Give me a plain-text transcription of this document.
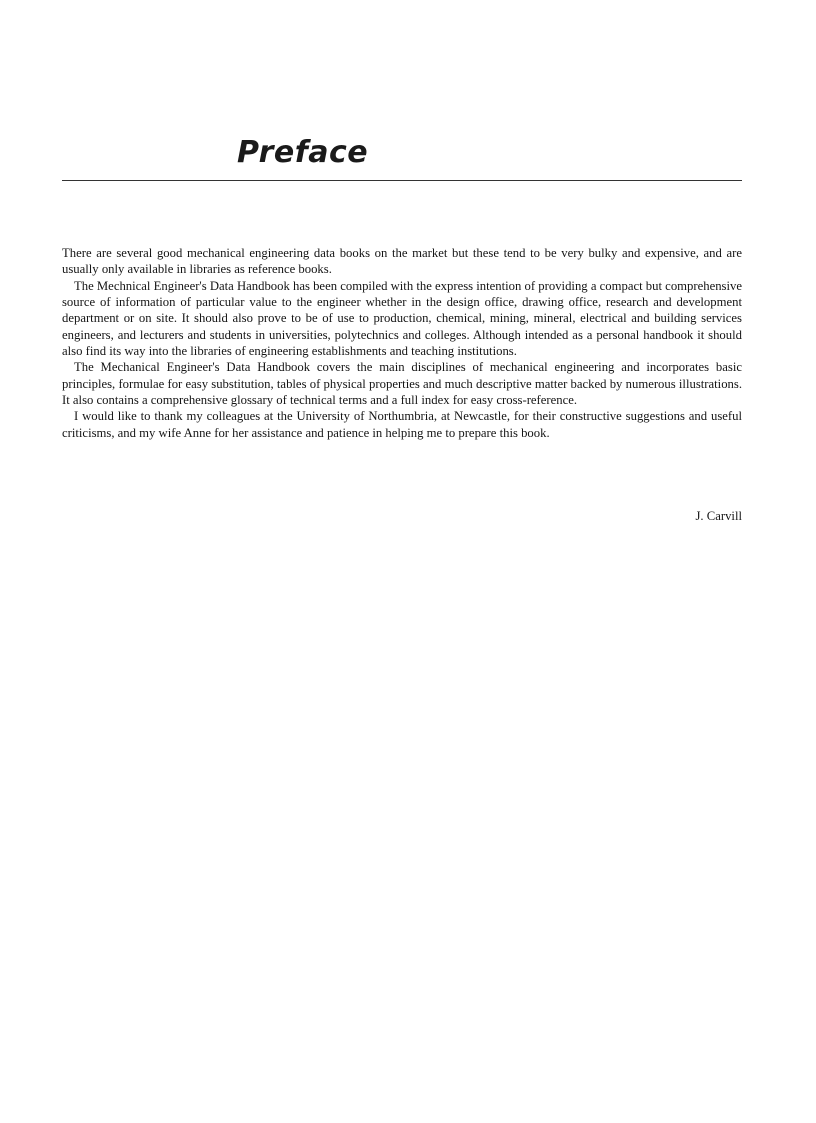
Preface

There are several good mechanical engineering data books on the market but these tend to be very bulky and expensive, and are usually only available in libraries as reference books.

The Mechnical Engineer's Data Handbook has been compiled with the express intention of providing a compact but comprehensive source of information of particular value to the engineer whether in the design office, drawing office, research and development department or on site. It should also prove to be of use to production, chemical, mining, mineral, electrical and building services engineers, and lecturers and students in universities, polytechnics and colleges. Although intended as a personal handbook it should also find its way into the libraries of engineering establishments and teaching institutions.

The Mechanical Engineer's Data Handbook covers the main disciplines of mechanical engineering and incorporates basic principles, formulae for easy substitution, tables of physical properties and much descriptive matter backed by numerous illustrations. It also contains a comprehensive glossary of technical terms and a full index for easy cross-reference.

I would like to thank my colleagues at the University of Northumbria, at Newcastle, for their constructive suggestions and useful criticisms, and my wife Anne for her assistance and patience in helping me to prepare this book.

J. Carvill
